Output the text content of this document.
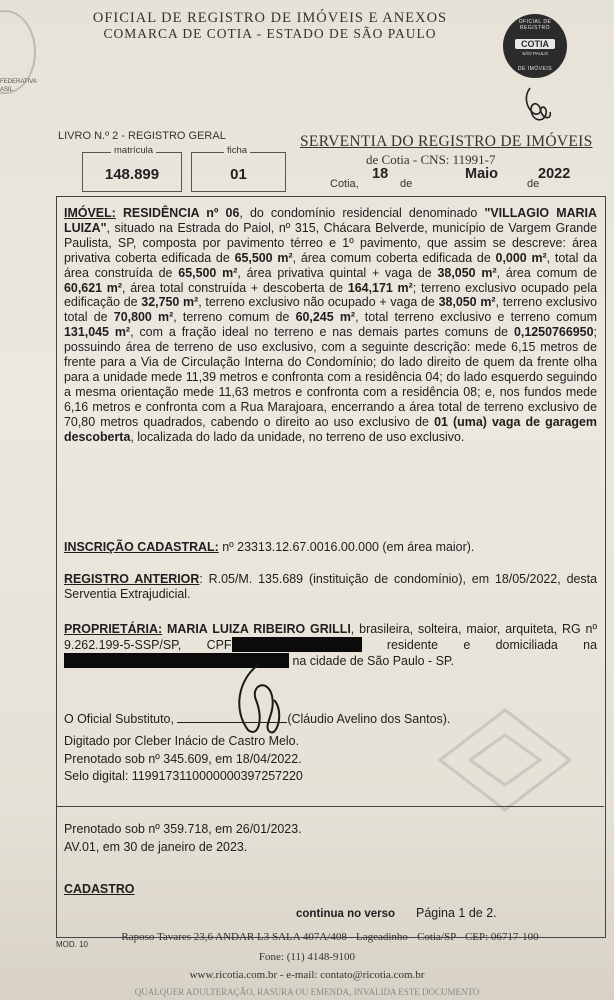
FEDERATIVA
ASIL
OFICIAL DE REGISTRO DE IMÓVEIS E ANEXOS
COMARCA DE COTIA - ESTADO DE SÃO PAULO
OFICIAL DE REGISTRO
COTIA
SÃO PAULO
DE IMÓVEIS
LIVRO N.º 2 - REGISTRO GERAL	SERVENTIA DO REGISTRO DE IMÓVEIS
de Cotia - CNS: 11991-7
matrícula
148.899
ficha
01
Cotia,
18
de
Maio
de
2022
IMÓVEL: RESIDÊNCIA nº 06, do condomínio residencial denominado "VILLAGIO MARIA LUIZA", situado na Estrada do Paiol, nº 315, Chácara Belverde, município de Vargem Grande Paulista, SP, composta por pavimento térreo e 1º pavimento, que assim se descreve: área privativa coberta edificada de 65,500 m², área comum coberta edificada de 0,000 m², total da área construída de 65,500 m², área privativa quintal + vaga de 38,050 m², área comum de 60,621 m², área total construída + descoberta de 164,171 m²; terreno exclusivo ocupado pela edificação de 32,750 m², terreno exclusivo não ocupado + vaga de 38,050 m², terreno exclusivo total de 70,800 m², terreno comum de 60,245 m², total terreno exclusivo e terreno comum 131,045 m², com a fração ideal no terreno e nas demais partes comuns de 0,1250766950; possuindo área de terreno de uso exclusivo, com a seguinte descrição: mede 6,15 metros de frente para a Via de Circulação Interna do Condomínio; do lado direito de quem da frente olha para a unidade mede 11,39 metros e confronta com a residência 04; do lado esquerdo seguindo a mesma orientação mede 11,63 metros e confronta com a residência 08; e, nos fundos mede 6,16 metros e confronta com a Rua Marajoara, encerrando a área total de terreno exclusivo de 70,80 metros quadrados, cabendo o direito ao uso exclusivo de 01 (uma) vaga de garagem descoberta, localizada do lado da unidade, no terreno de uso exclusivo.
INSCRIÇÃO CADASTRAL: nº 23313.12.67.0016.00.000 (em área maior).
REGISTRO ANTERIOR: R.05/M. 135.689 (instituição de condomínio), em 18/05/2022, desta Serventia Extrajudicial.
PROPRIETÁRIA: MARIA LUIZA RIBEIRO GRILLI, brasileira, solteira, maior, arquiteta, RG nº 9.262.199-5-SSP/SP, CPF	residente e domiciliada na  na cidade de São Paulo - SP.
O Oficial Substituto,	(Cláudio Avelino dos Santos).
Digitado por Cleber Inácio de Castro Melo.
Prenotado sob nº 345.609, em 18/04/2022.
Selo digital: 1199173110000000397257220
Prenotado sob nº 359.718, em 26/01/2023.
AV.01, em 30 de janeiro de 2023.
CADASTRO
continua no verso Página 1 de 2.
MOD. 10
Raposo Tavares 23,6 ANDAR L3 SALA 407A/408 - Lageadinho - Cotia/SP - CEP: 06717-100
Fone: (11) 4148-9100
www.ricotia.com.br - e-mail: contato@ricotia.com.br
QUALQUER ADULTERAÇÃO, RASURA OU EMENDA, INVALIDA ESTE DOCUMENTO
